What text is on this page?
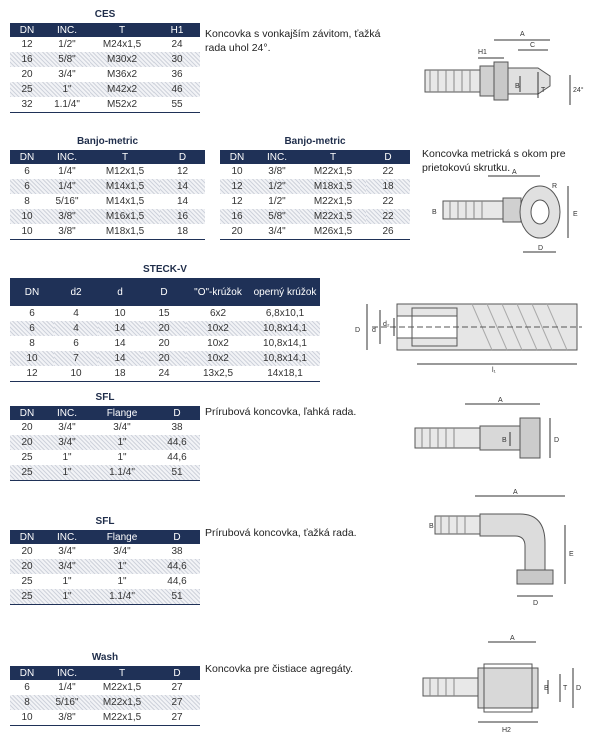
CES
DN	INC.	T	H1
12	1/2"	M24x1,5	24
16	5/8"	M30x2	30
20	3/4"	M36x2	36
25	1"	M42x2	46
32	1.1/4"	M52x2	55
Koncovka s vonkajším závitom, ťažká rada uhol 24°.
A
C
H1
B
T	24°
Banjo-metric
DN	INC.	T	D
6	1/4"	M12x1,5	12
6	1/4"	M14x1,5	14
8	5/16"	M14x1,5	14
10	3/8"	M16x1,5	16
10	3/8"	M18x1,5	18
Banjo-metric
DN	INC.	T	D
10	3/8"	M22x1,5	22
12	1/2"	M18x1,5	18
12	1/2"	M22x1,5	22
16	5/8"	M22x1,5	22
20	3/4"	M26x1,5	26
Koncovka metrická s okom pre prietokovú skrutku. A
R
B	E
D
STECK-V
DN	d2	d	D	"O"-krúžok	operný krúžok
6	4	10	15	6x2	6,8x10,1
6	4	14	20	10x2	10,8x14,1
8	6	14	20	10x2	10,8x14,1
10	7	14	20	10x2	10,8x14,1
12	10	18	24	13x2,5	14x18,1
D d
d₂
l₁
SFL
DN	INC.	Flange	D
20	3/4"	3/4"	38
20	3/4"	1"	44,6
25	1"	1"	44,6
25	1"	1.1/4"	51
Prírubová koncovka, ľahká rada.
A
B	D
SFL
DN	INC.	Flange	D
20	3/4"	3/4"	38
20	3/4"	1"	44,6
25	1"	1"	44,6
25	1"	1.1/4"	51
Prírubová koncovka, ťažká rada.
A
B
E
D
Wash
DN	INC.	T	D
6	1/4"	M22x1,5	27
8	5/16"	M22x1,5	27
10	3/8"	M22x1,5	27
Koncovka pre čistiace agregáty.
A
B T D
H2
